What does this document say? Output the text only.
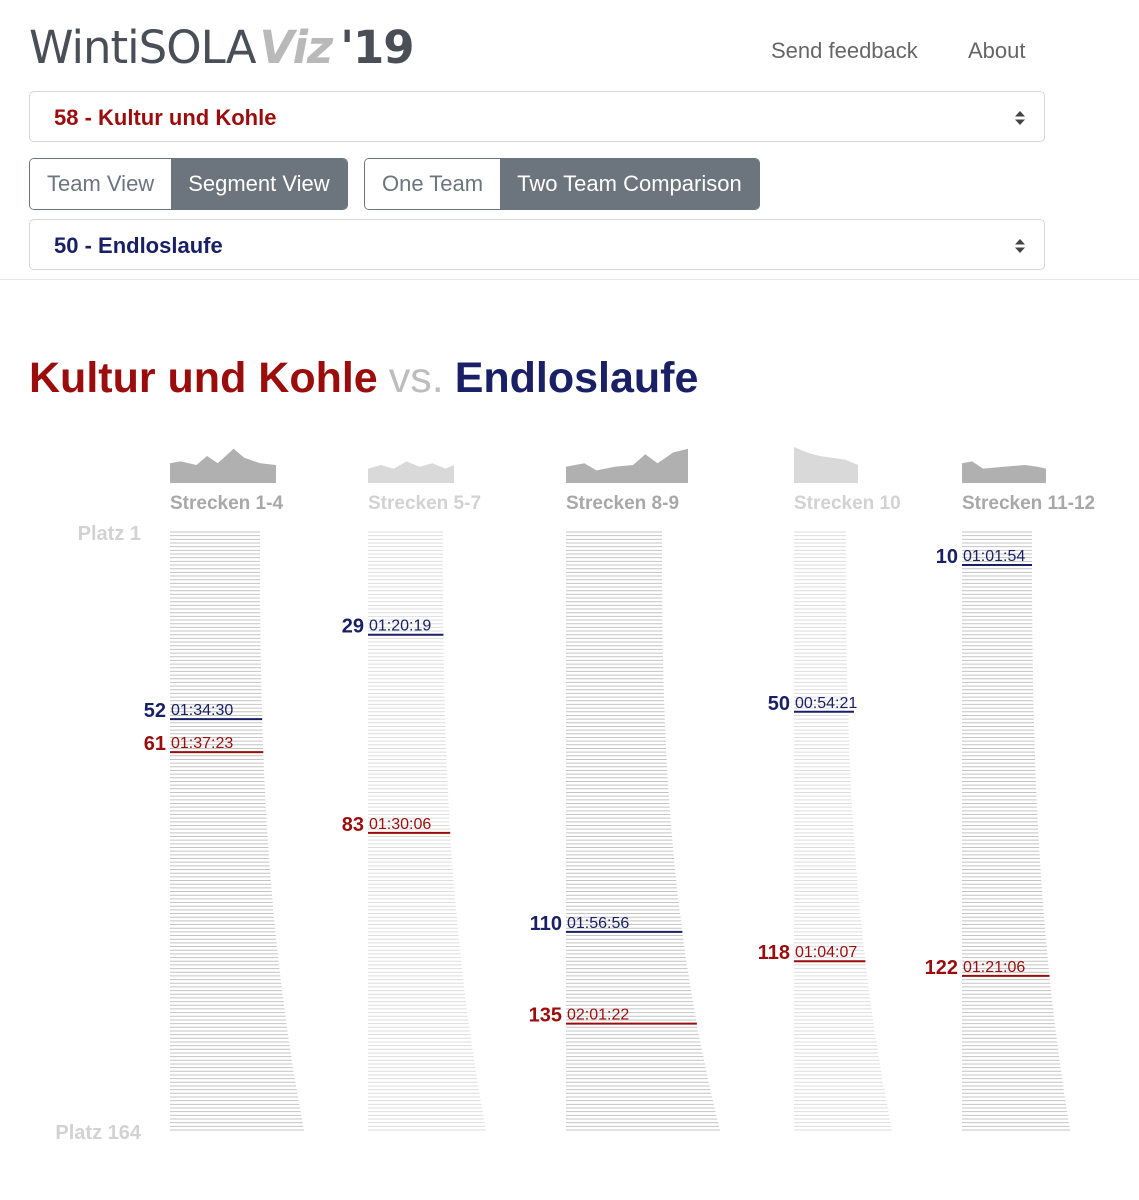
WintiSOLAViz '19	Send feedback About
58 - Kultur und Kohle
Team View	Segment View	One Team	Two Team Comparison
50 - Endloslaufe
Kultur und Kohle vs. Endloslaufe
Platz 1
Platz 164
Strecken 1-4
52 01:34:30
61 01:37:23
Strecken 5-7
29 01:20:19
83 01:30:06
Strecken 8-9
110 01:56:56
135 02:01:22
Strecken 10
50 00:54:21
118 01:04:07
Strecken 11-12
10 01:01:54
122 01:21:06
